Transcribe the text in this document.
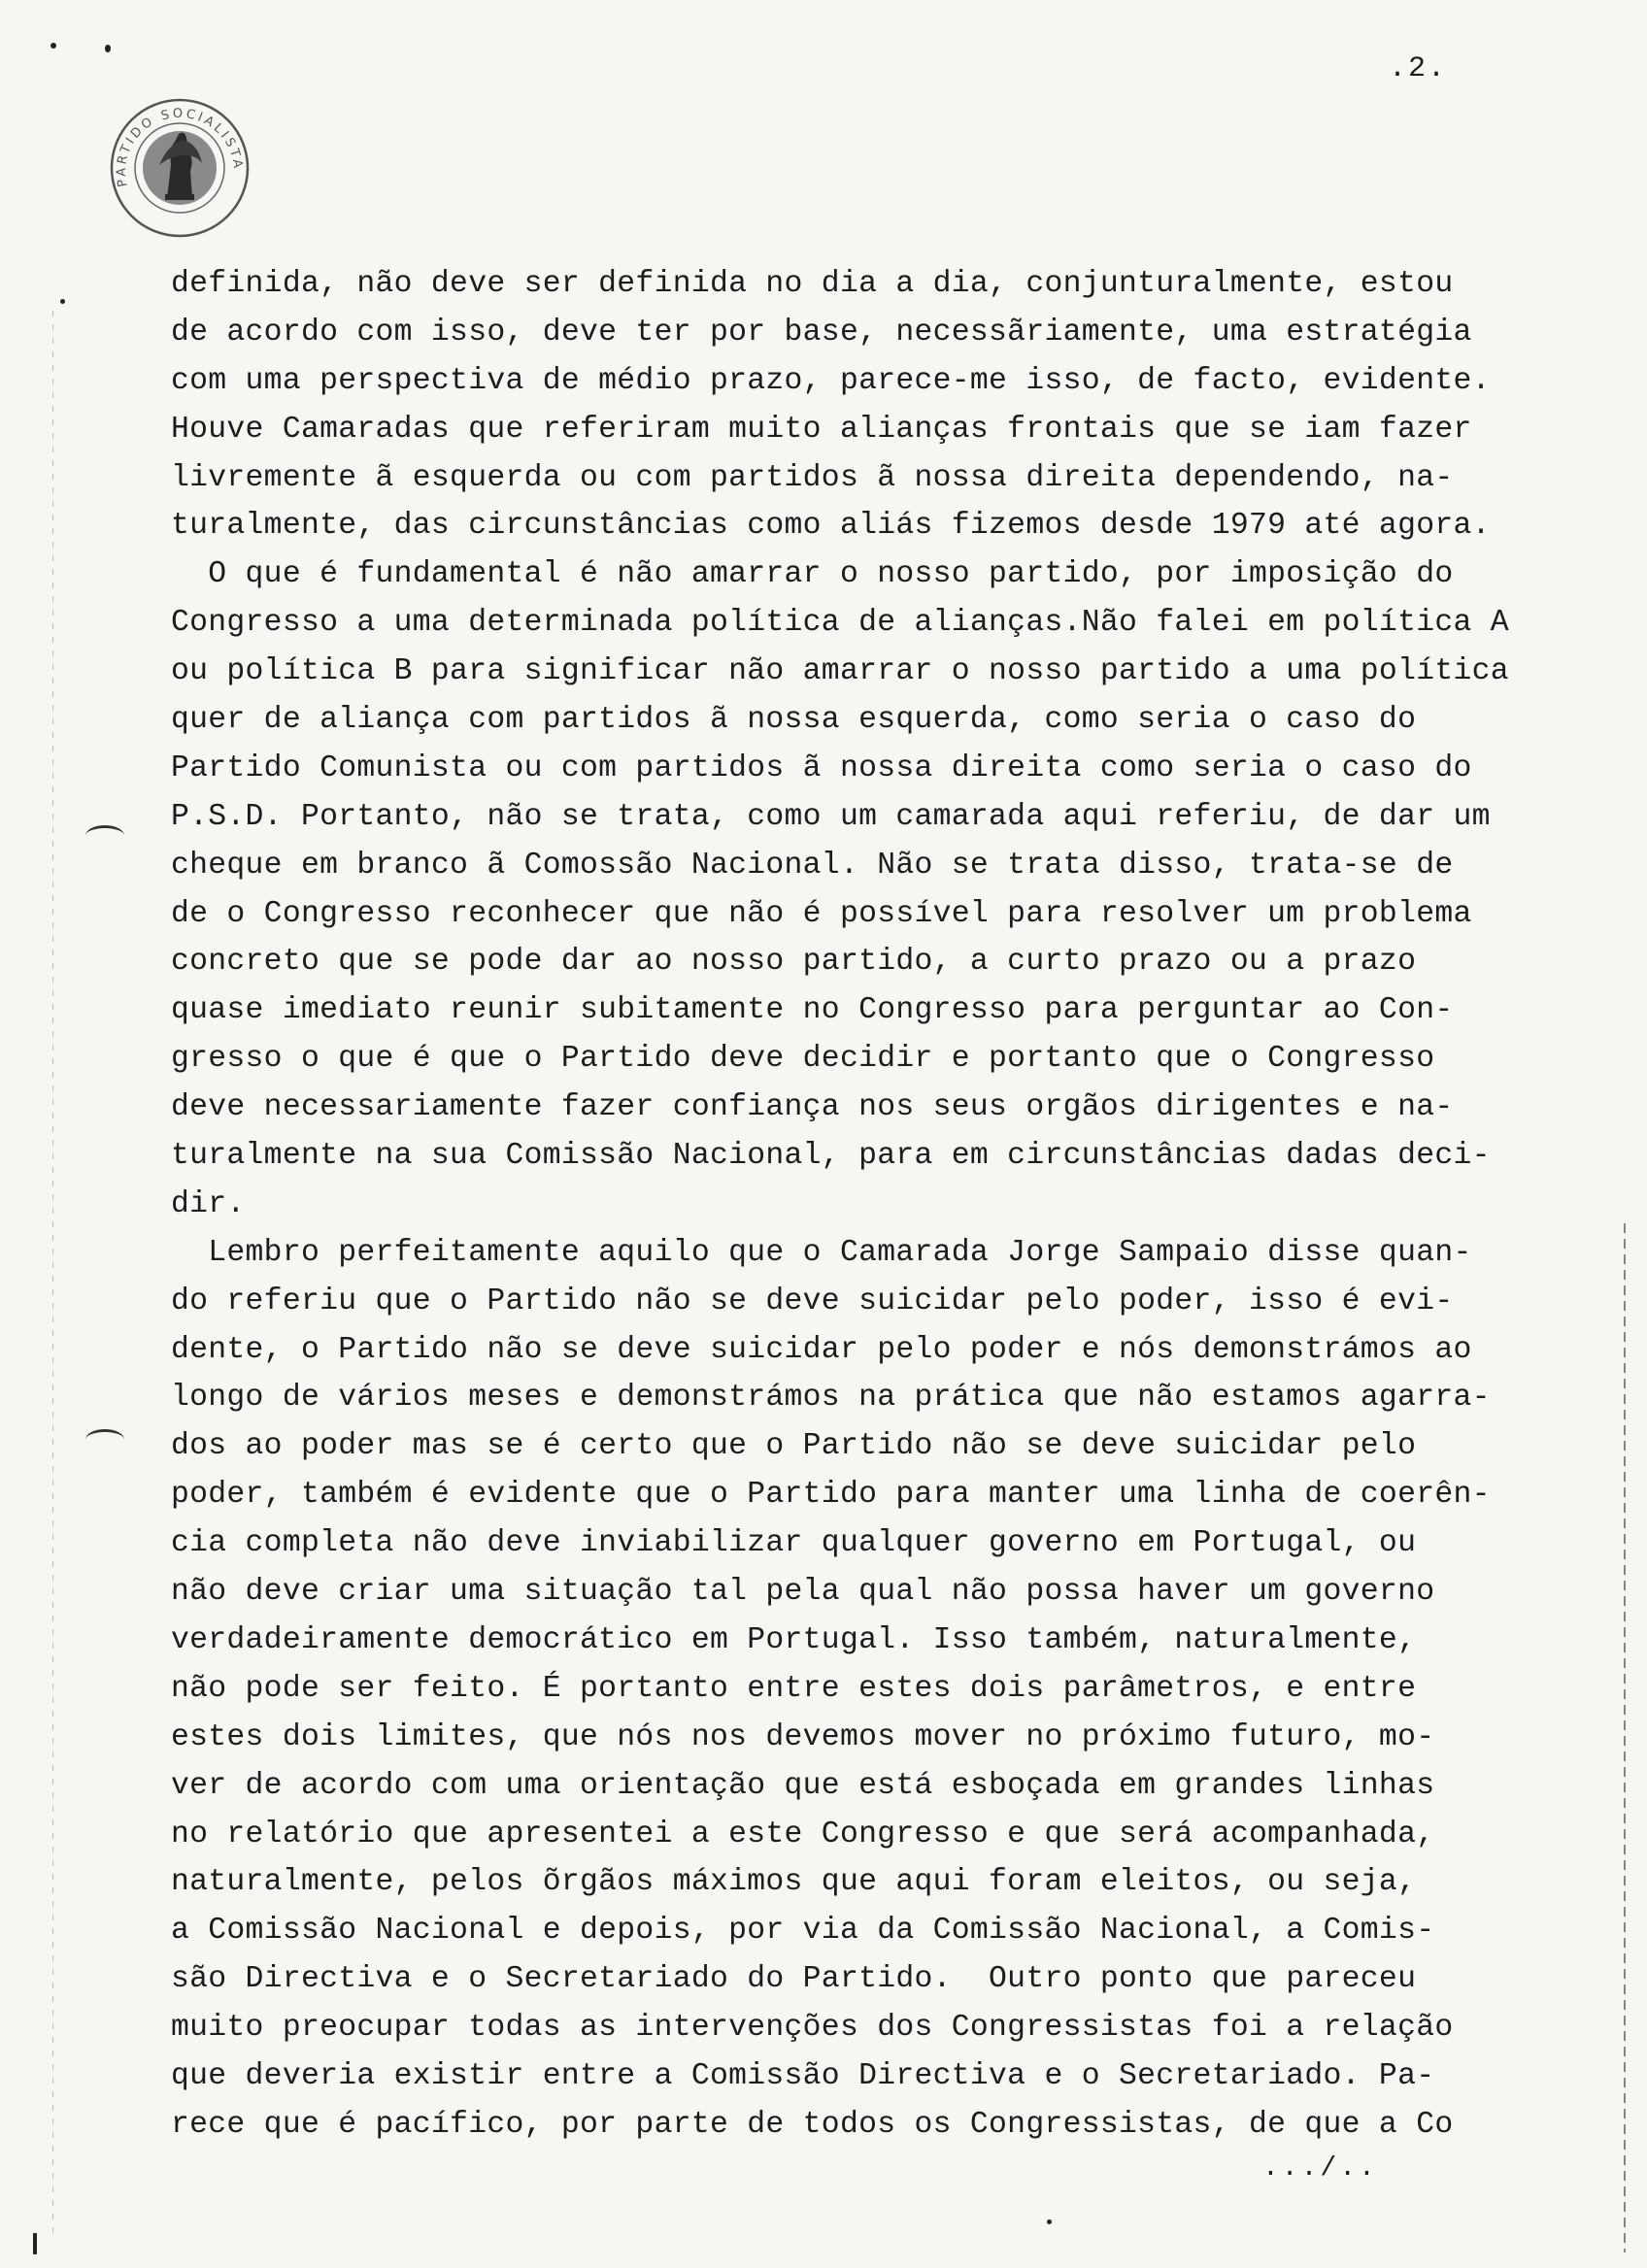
.2.
PARTIDO SOCIALISTA
definida, não deve ser definida no dia a dia, conjunturalmente, estou
de acordo com isso, deve ter por base, necessãriamente, uma estratégia
com uma perspectiva de médio prazo, parece-me isso, de facto, evidente.
Houve Camaradas que referiram muito alianças frontais que se iam fazer
livremente ã esquerda ou com partidos ã nossa direita dependendo, na-
turalmente, das circunstâncias como aliás fizemos desde 1979 até agora.
O que é fundamental é não amarrar o nosso partido, por imposição do
Congresso a uma determinada política de alianças.Não falei em política A
ou política B para significar não amarrar o nosso partido a uma política
quer de aliança com partidos ã nossa esquerda, como seria o caso do
Partido Comunista ou com partidos ã nossa direita como seria o caso do
P.S.D. Portanto, não se trata, como um camarada aqui referiu, de dar um
cheque em branco ã Comossão Nacional. Não se trata disso, trata-se de
de o Congresso reconhecer que não é possível para resolver um problema
concreto que se pode dar ao nosso partido, a curto prazo ou a prazo
quase imediato reunir subitamente no Congresso para perguntar ao Con-
gresso o que é que o Partido deve decidir e portanto que o Congresso
deve necessariamente fazer confiança nos seus orgãos dirigentes e na-
turalmente na sua Comissão Nacional, para em circunstâncias dadas deci-
dir.
Lembro perfeitamente aquilo que o Camarada Jorge Sampaio disse quan-
do referiu que o Partido não se deve suicidar pelo poder, isso é evi-
dente, o Partido não se deve suicidar pelo poder e nós demonstrámos ao
longo de vários meses e demonstrámos na prática que não estamos agarra-
dos ao poder mas se é certo que o Partido não se deve suicidar pelo
poder, também é evidente que o Partido para manter uma linha de coerên-
cia completa não deve inviabilizar qualquer governo em Portugal, ou
não deve criar uma situação tal pela qual não possa haver um governo
verdadeiramente democrático em Portugal. Isso também, naturalmente,
não pode ser feito. É portanto entre estes dois parâmetros, e entre
estes dois limites, que nós nos devemos mover no próximo futuro, mo-
ver de acordo com uma orientação que está esboçada em grandes linhas
no relatório que apresentei a este Congresso e que será acompanhada,
naturalmente, pelos õrgãos máximos que aqui foram eleitos, ou seja,
a Comissão Nacional e depois, por via da Comissão Nacional, a Comis-
são Directiva e o Secretariado do Partido.  Outro ponto que pareceu
muito preocupar todas as intervenções dos Congressistas foi a relação
que deveria existir entre a Comissão Directiva e o Secretariado. Pa-
rece que é pacífico, por parte de todos os Congressistas, de que a Co
.../..
